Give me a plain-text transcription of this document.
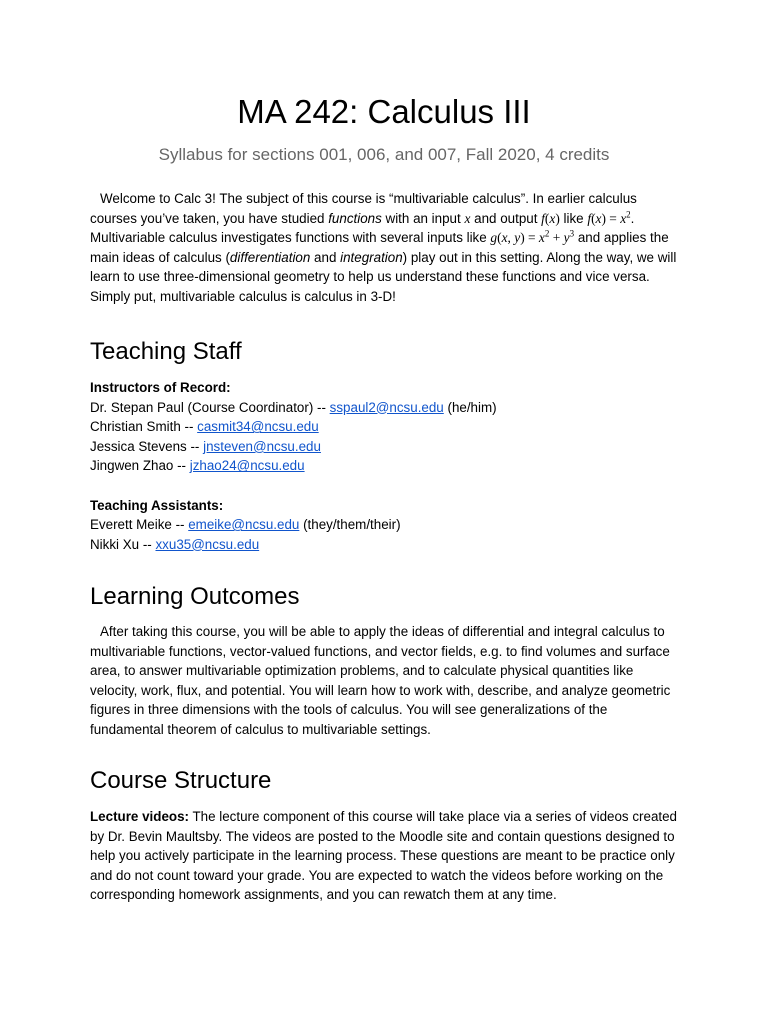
MA 242: Calculus III
Syllabus for sections 001, 006, and 007, Fall 2020, 4 credits
Welcome to Calc 3! The subject of this course is “multivariable calculus”. In earlier calculus courses you’ve taken, you have studied functions with an input x and output f(x) like $f(x) = x^2$. Multivariable calculus investigates functions with several inputs like g(x, $y) = x^2 + y^3$ and applies the main ideas of calculus (differentiation and integration) play out in this setting. Along the way, we will learn to use three-dimensional geometry to help us understand these functions and vice versa. Simply put, multivariable calculus is calculus in 3-D!
Teaching Staff
Instructors of Record:
Dr. Stepan Paul (Course Coordinator) -- sspaul2@ncsu.edu (he/him)
Christian Smith -- casmit34@ncsu.edu
Jessica Stevens -- jnsteven@ncsu.edu
Jingwen Zhao -- jzhao24@ncsu.edu
Teaching Assistants:
Everett Meike -- emeike@ncsu.edu (they/them/their)
Nikki Xu -- xxu35@ncsu.edu
Learning Outcomes
After taking this course, you will be able to apply the ideas of differential and integral calculus to multivariable functions, vector-valued functions, and vector fields, e.g. to find volumes and surface area, to answer multivariable optimization problems, and to calculate physical quantities like velocity, work, flux, and potential. You will learn how to work with, describe, and analyze geometric figures in three dimensions with the tools of calculus. You will see generalizations of the fundamental theorem of calculus to multivariable settings.
Course Structure
Lecture videos: The lecture component of this course will take place via a series of videos created by Dr. Bevin Maultsby. The videos are posted to the Moodle site and contain questions designed to help you actively participate in the learning process. These questions are meant to be practice only and do not count toward your grade. You are expected to watch the videos before working on the corresponding homework assignments, and you can rewatch them at any time.
